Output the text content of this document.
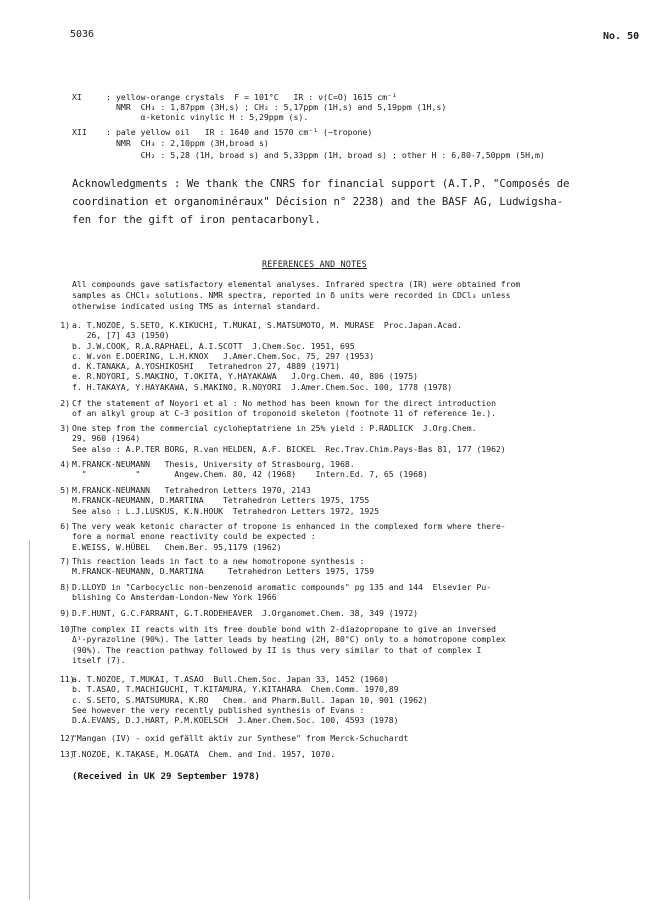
5036	No. 50
XI	: yellow-orange crystals  F = 101°C   IR : ν(C=O) 1615 cm⁻¹
NMR  CH₃ : 1,87ppm (3H,s) ; CH₂ : 5,17ppm (1H,s) and 5,19ppm (1H,s)
α-ketonic vinylic H : 5,29ppm (s).
XII : pale yellow oil   IR : 1640 and 1570 cm⁻¹ (~tropone)
NMR  CH₃ : 2,10ppm (3H,broad s)
CH₂ : 5,28 (1H, broad s) and 5,33ppm (1H, broad s) ; other H : 6,80-7,50ppm (5H,m)
Acknowledgments : We thank the CNRS for financial support (A.T.P. "Composés de
coordination et organominéraux" Décision n° 2238) and the BASF AG, Ludwigsha-
fen for the gift of iron pentacarbonyl.
REFERENCES AND NOTES
All compounds gave satisfactory elemental analyses. Infrared spectra (IR) were obtained from
samples as CHCl₃ solutions. NMR spectra, reported in δ units were recorded in CDCl₃ unless
otherwise indicated using TMS as internal standard.
1) a. T.NOZOE, S.SETO, K.KIKUCHI, T.MUKAI, S.MATSUMOTO, M. MURASE  Proc.Japan.Acad.
26, [7] 43 (1950)
b. J.W.COOK, R.A.RAPHAEL, A.I.SCOTT  J.Chem.Soc. 1951, 695
c. W.von E.DOERING, L.H.KNOX   J.Amer.Chem.Soc. 75, 297 (1953)
d. K.TANAKA, A.YOSHIKOSHI   Tetrahedron 27, 4889 (1971)
e. R.NOYORI, S.MAKINO, T.OKITA, Y.HAYAKAWA   J.Org.Chem. 40, 806 (1975)
f. H.TAKAYA, Y.HAYAKAWA, S.MAKINO, R.NOYORI  J.Amer.Chem.Soc. 100, 1778 (1978)
2) Cf the statement of Noyori et al : No method has been known for the direct introduction
of an alkyl group at C-3 position of troponoid skeleton (footnote 11 of reference 1e.).
3) One step from the commercial cycloheptatriene in 25% yield : P.RADLICK  J.Org.Chem.
29, 960 (1964)
See also : A.P.TER BORG, R.van HELDEN, A.F. BICKEL  Rec.Trav.Chim.Pays-Bas 81, 177 (1962)
4) M.FRANCK-NEUMANN   Thesis, University of Strasbourg, 1968.
"          "       Angew.Chem. 80, 42 (1968)    Intern.Ed. 7, 65 (1968)
5) M.FRANCK-NEUMANN   Tetrahedron Letters 1970, 2143
M.FRANCK-NEUMANN, D.MARTINA    Tetrahedron Letters 1975, 1755
See also : L.J.LUSKUS, K.N.HOUK  Tetrahedron Letters 1972, 1925
6) The very weak ketonic character of tropone is enhanced in the complexed form where there-
fore a normal enone reactivity could be expected :
E.WEISS, W.HÜBEL   Chem.Ber. 95,1179 (1962)
7) This reaction leads in fact to a new homotropone synthesis :
M.FRANCK-NEUMANN, D.MARTINA     Tetrahedron Letters 1975, 1759
8) D.LLOYD in "Carbocyclic non-benzenoid aromatic compounds" pg 135 and 144  Elsevier Pu-
blishing Co Amsterdam-London-New York 1966
9) D.F.HUNT, G.C.FARRANT, G.T.RODEHEAVER  J.Organomet.Chem. 38, 349 (1972)
10)
The complex II reacts with its free double bond with 2-diazopropane to give an inversed
Δ¹-pyrazoline (90%). The latter leads by heating (2H, 80°C) only to a homotropone complex
(90%). The reaction pathway followed by II is thus very similar to that of complex I
itself (7).
11)
a. T.NOZOE, T.MUKAI, T.ASAO  Bull.Chem.Soc. Japan 33, 1452 (1960)
b. T.ASAO, T.MACHIGUCHI, T.KITAMURA, Y.KITAHARA  Chem.Comm. 1970,89
c. S.SETO, S.MATSUMURA, K.RO   Chem. and Pharm.Bull. Japan 10, 901 (1962)
See however the very recently published synthesis of Evans :
D.A.EVANS, D.J.HART, P.M.KOELSCH  J.Amer.Chem.Soc. 100, 4593 (1978)
12)
"Mangan (IV) - oxid gefällt aktiv zur Synthese" from Merck-Schuchardt
13)
T.NOZOE, K.TAKASE, M.OGATA  Chem. and Ind. 1957, 1070.
(Received in UK 29 September 1978)
